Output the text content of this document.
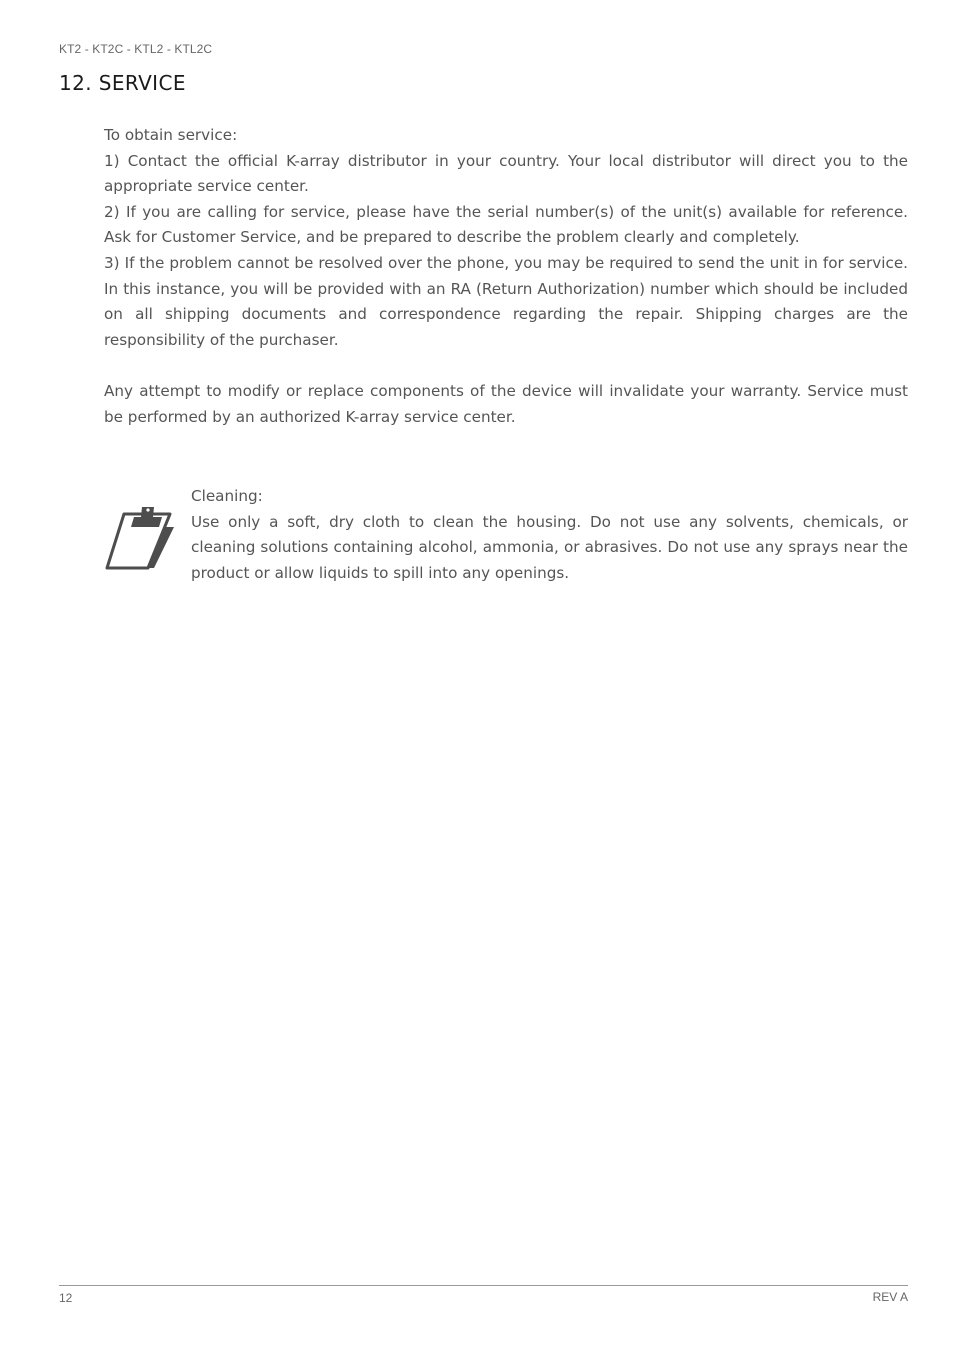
KT2 - KT2C - KTL2 - KTL2C
12. SERVICE

To obtain service:

1) Contact the official K-array distributor in your country. Your local distributor will direct you to the appropriate service center.

2) If you are calling for service, please have the serial number(s) of the unit(s) available for reference. Ask for Customer Service, and be prepared to describe the problem clearly and completely.

3) If the problem cannot be resolved over the phone, you may be required to send the unit in for service. In this instance, you will be provided with an RA (Return Authorization) number which should be included on all shipping documents and correspondence regarding the repair. Shipping charges are the responsibility of the purchaser.

Any attempt to modify or replace components of the device will invalidate your warranty. Service must be performed by an authorized K-array service center.

Cleaning:

Use only a soft, dry cloth to clean the housing. Do not use any solvents, chemicals, or cleaning solutions containing alcohol, ammonia, or abrasives. Do not use any sprays near the product or allow liquids to spill into any openings.

12	REV A
